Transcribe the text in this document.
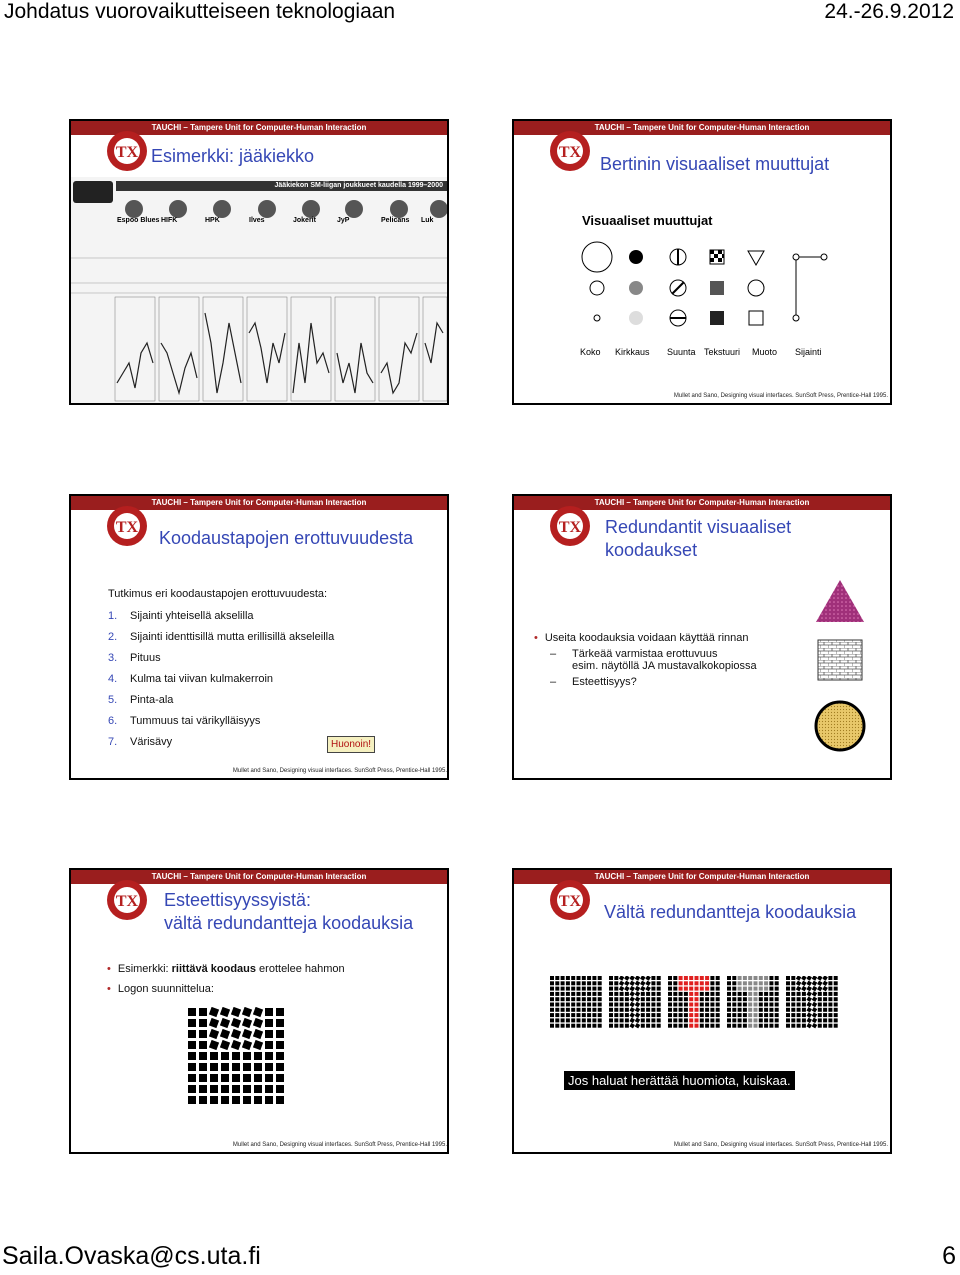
Johdatus vuorovaikutteiseen teknologiaan	24.-26.9.2012
TAUCHI – Tampere Unit for Computer-Human Interaction
TX Esimerkki: jääkiekko
Jääkiekon SM-liigan joukkueet kaudella 1999–2000
Espoo Blues HIFK	HPK	Ilves	Jokerit	JyP	Pelicans	Luk
TAUCHI – Tampere Unit for Computer-Human Interaction
TX
Bertinin visuaaliset muuttujat
Visuaaliset muuttujat
Koko Kirkkaus Suunta Tekstuuri Muoto Sijainti
Mullet and Sano, Designing visual interfaces. SunSoft Press, Prentice-Hall 1995.
TAUCHI – Tampere Unit for Computer-Human Interaction
TX
Koodaustapojen erottuvuudesta
Tutkimus eri koodaustapojen erottuvuudesta:
1. Sijainti yhteisellä akselilla
2. Sijainti identtisillä mutta erillisillä akseleilla
3. Pituus
4. Kulma tai viivan kulmakerroin
5. Pinta-ala
6. Tummuus tai värikylläisyys
7. Värisävy	Huonoin!
Mullet and Sano, Designing visual interfaces. SunSoft Press, Prentice-Hall 1995.
TAUCHI – Tampere Unit for Computer-Human Interaction
TX Redundantit visuaaliset
koodaukset
• Useita koodauksia voidaan käyttää rinnan
– Tärkeää varmistaa erottuvuus
esim. näytöllä JA mustavalkokopiossa
– Esteettisyys?
TAUCHI – Tampere Unit for Computer-Human Interaction
TX Esteettisyyssyistä:
vältä redundantteja koodauksia
• Esimerkki: riittävä koodaus erottelee hahmon
• Logon suunnittelua:
Mullet and Sano, Designing visual interfaces. SunSoft Press, Prentice-Hall 1995.
TAUCHI – Tampere Unit for Computer-Human Interaction
TX
Vältä redundantteja koodauksia
Jos haluat herättää huomiota, kuiskaa.
Mullet and Sano, Designing visual interfaces. SunSoft Press, Prentice-Hall 1995.
Saila.Ovaska@cs.uta.fi	6
